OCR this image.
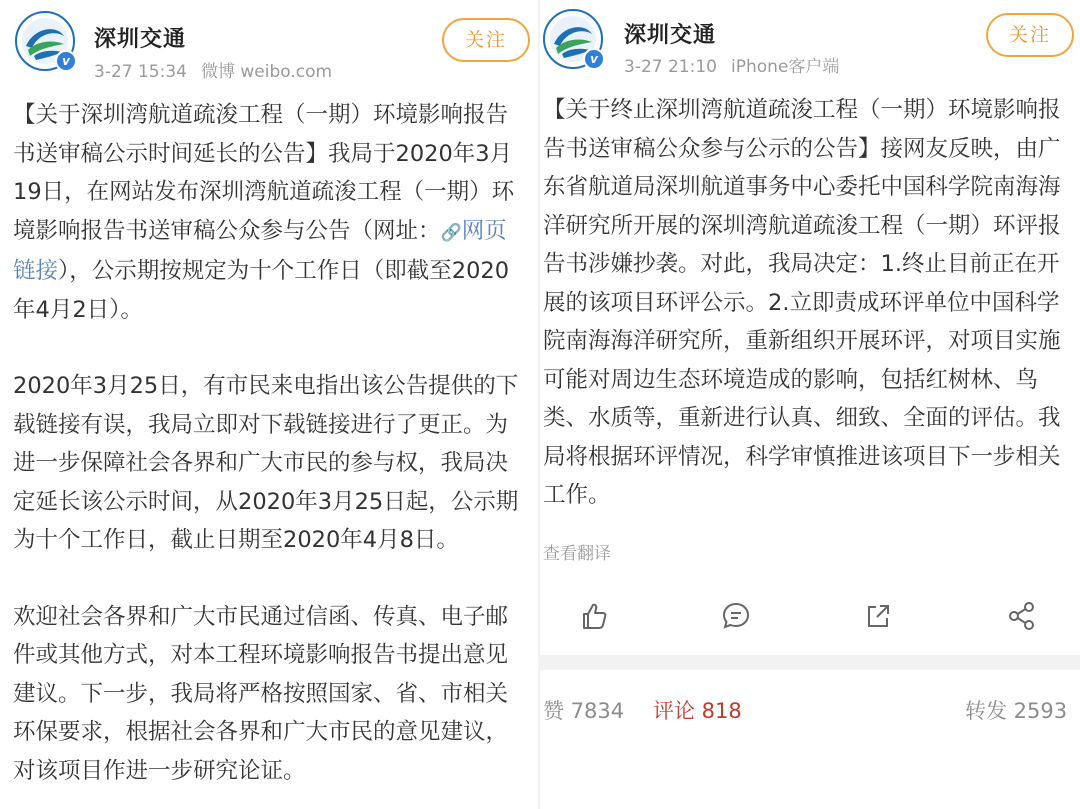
v
深圳交通
3-27 15:34 微博 weibo.com
关注

【关于深圳湾航道疏浚工程（一期）环境影响报告书送审稿公示时间延长的公告】我局于2020年3月19日，在网站发布深圳湾航道疏浚工程（一期）环境影响报告书送审稿公众参与公告（网址：🔗网页链接），公示期按规定为十个工作日（即截至2020年4月2日）。

2020年3月25日，有市民来电指出该公告提供的下载链接有误，我局立即对下载链接进行了更正。为进一步保障社会各界和广大市民的参与权，我局决定延长该公示时间，从2020年3月25日起，公示期为十个工作日，截止日期至2020年4月8日。

欢迎社会各界和广大市民通过信函、传真、电子邮件或其他方式，对本工程环境影响报告书提出意见建议。下一步，我局将严格按照国家、省、市相关环保要求，根据社会各界和广大市民的意见建议，对该项目作进一步研究论证。

v
深圳交通
3-27 21:10 iPhone客户端
关注

【关于终止深圳湾航道疏浚工程（一期）环境影响报告书送审稿公众参与公示的公告】接网友反映，由广东省航道局深圳航道事务中心委托中国科学院南海海洋研究所开展的深圳湾航道疏浚工程（一期）环评报告书涉嫌抄袭。对此，我局决定：1.终止目前正在开展的该项目环评公示。2.立即责成环评单位中国科学院南海海洋研究所，重新组织开展环评，对项目实施可能对周边生态环境造成的影响，包括红树林、鸟类、水质等，重新进行认真、细致、全面的评估。我局将根据环评情况，科学审慎推进该项目下一步相关工作。

查看翻译
赞 7834 评论 818	转发 2593
